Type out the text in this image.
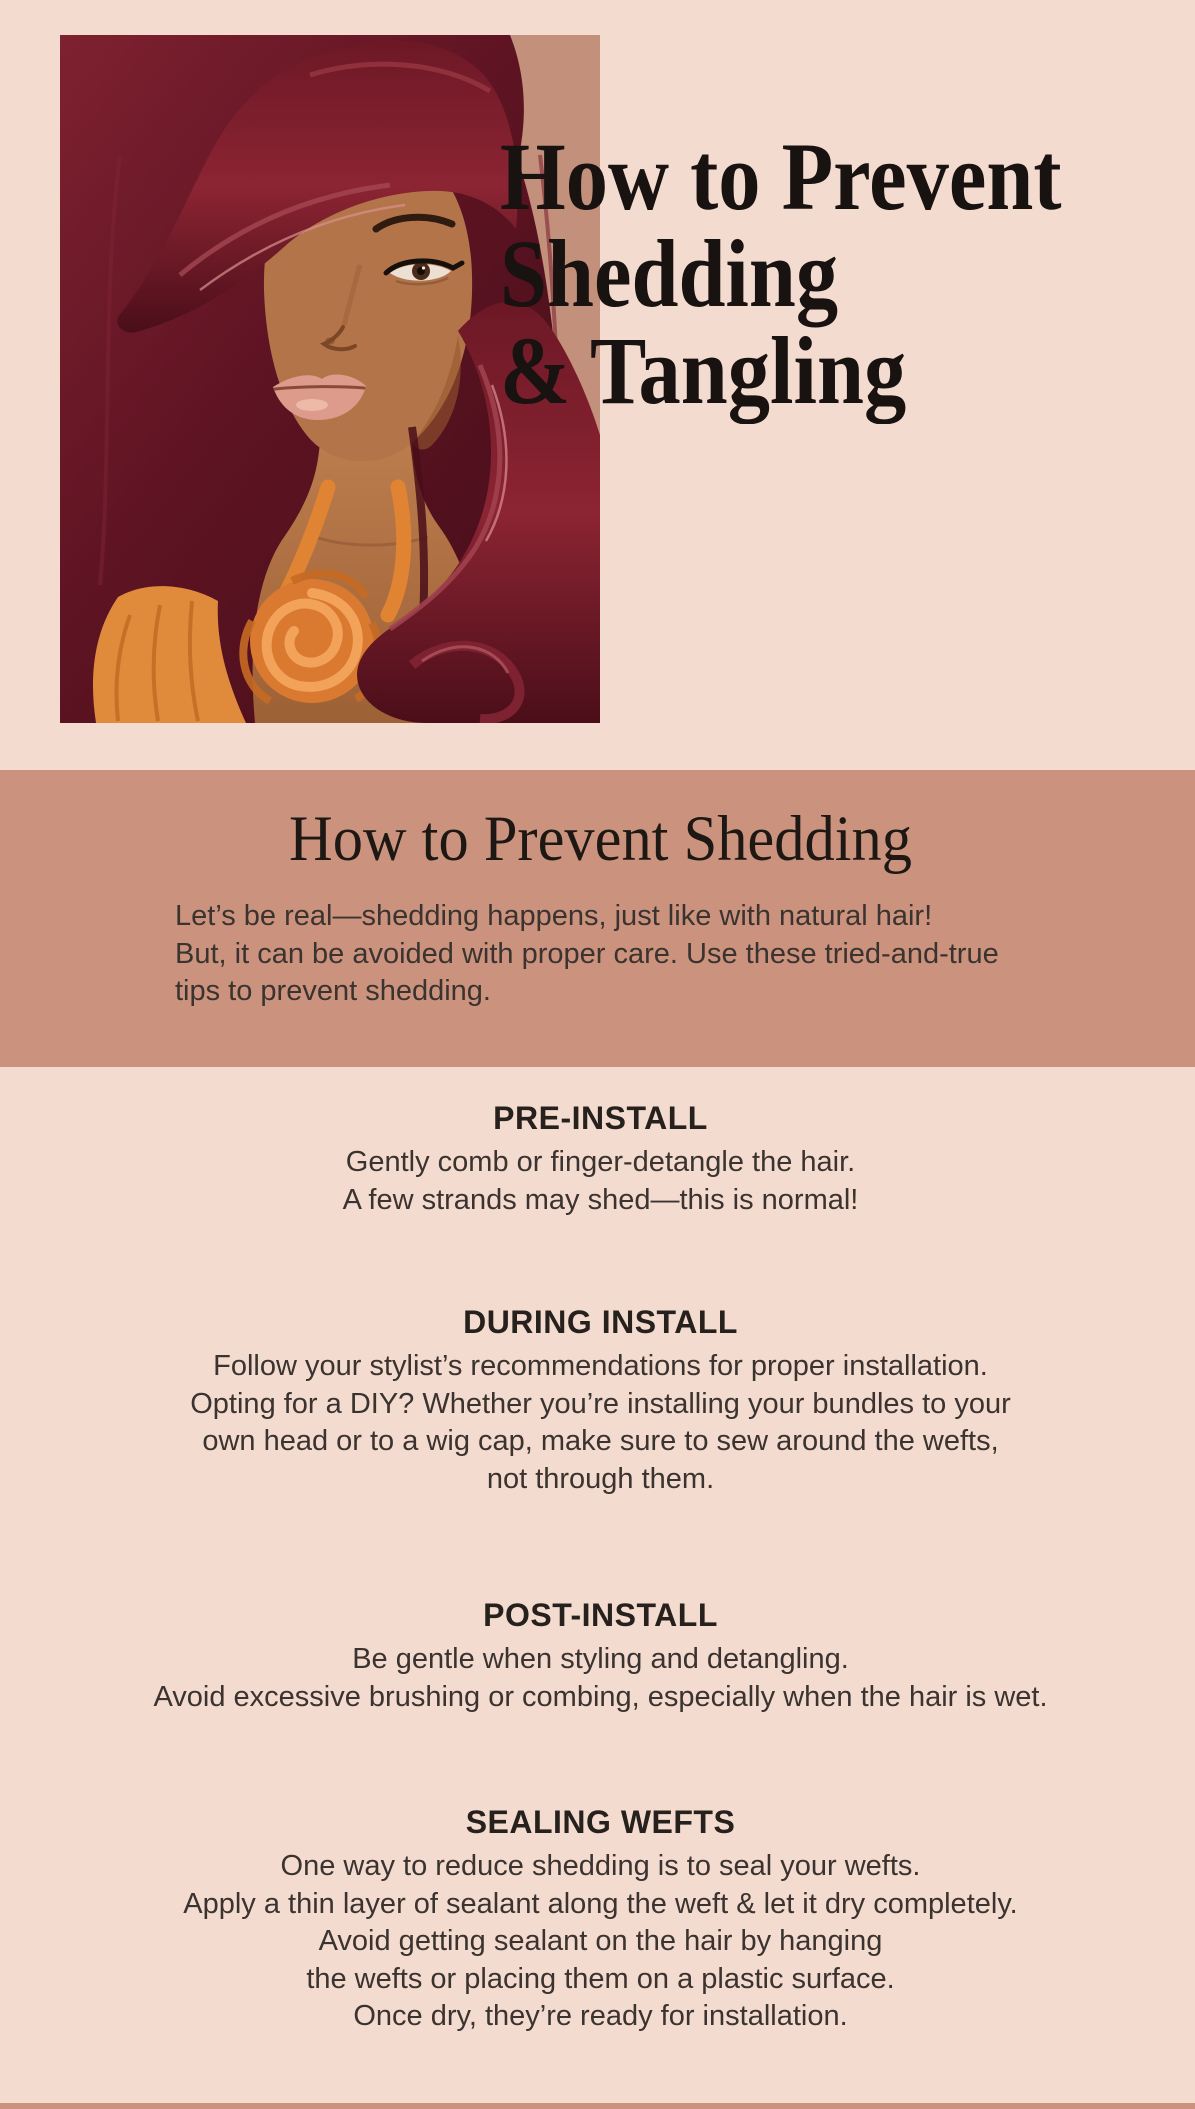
How to Prevent
Shedding
& Tangling
How to Prevent Shedding
Let’s be real—shedding happens, just like with natural hair!
But, it can be avoided with proper care. Use these tried-and-true
tips to prevent shedding.
PRE-INSTALL
Gently comb or finger-detangle the hair.
A few strands may shed—this is normal!
DURING INSTALL
Follow your stylist’s recommendations for proper installation.
Opting for a DIY? Whether you’re installing your bundles to your
own head or to a wig cap, make sure to sew around the wefts,
not through them.
POST-INSTALL
Be gentle when styling and detangling.
Avoid excessive brushing or combing, especially when the hair is wet.
SEALING WEFTS
One way to reduce shedding is to seal your wefts.
Apply a thin layer of sealant along the weft & let it dry completely.
Avoid getting sealant on the hair by hanging
the wefts or placing them on a plastic surface.
Once dry, they’re ready for installation.
